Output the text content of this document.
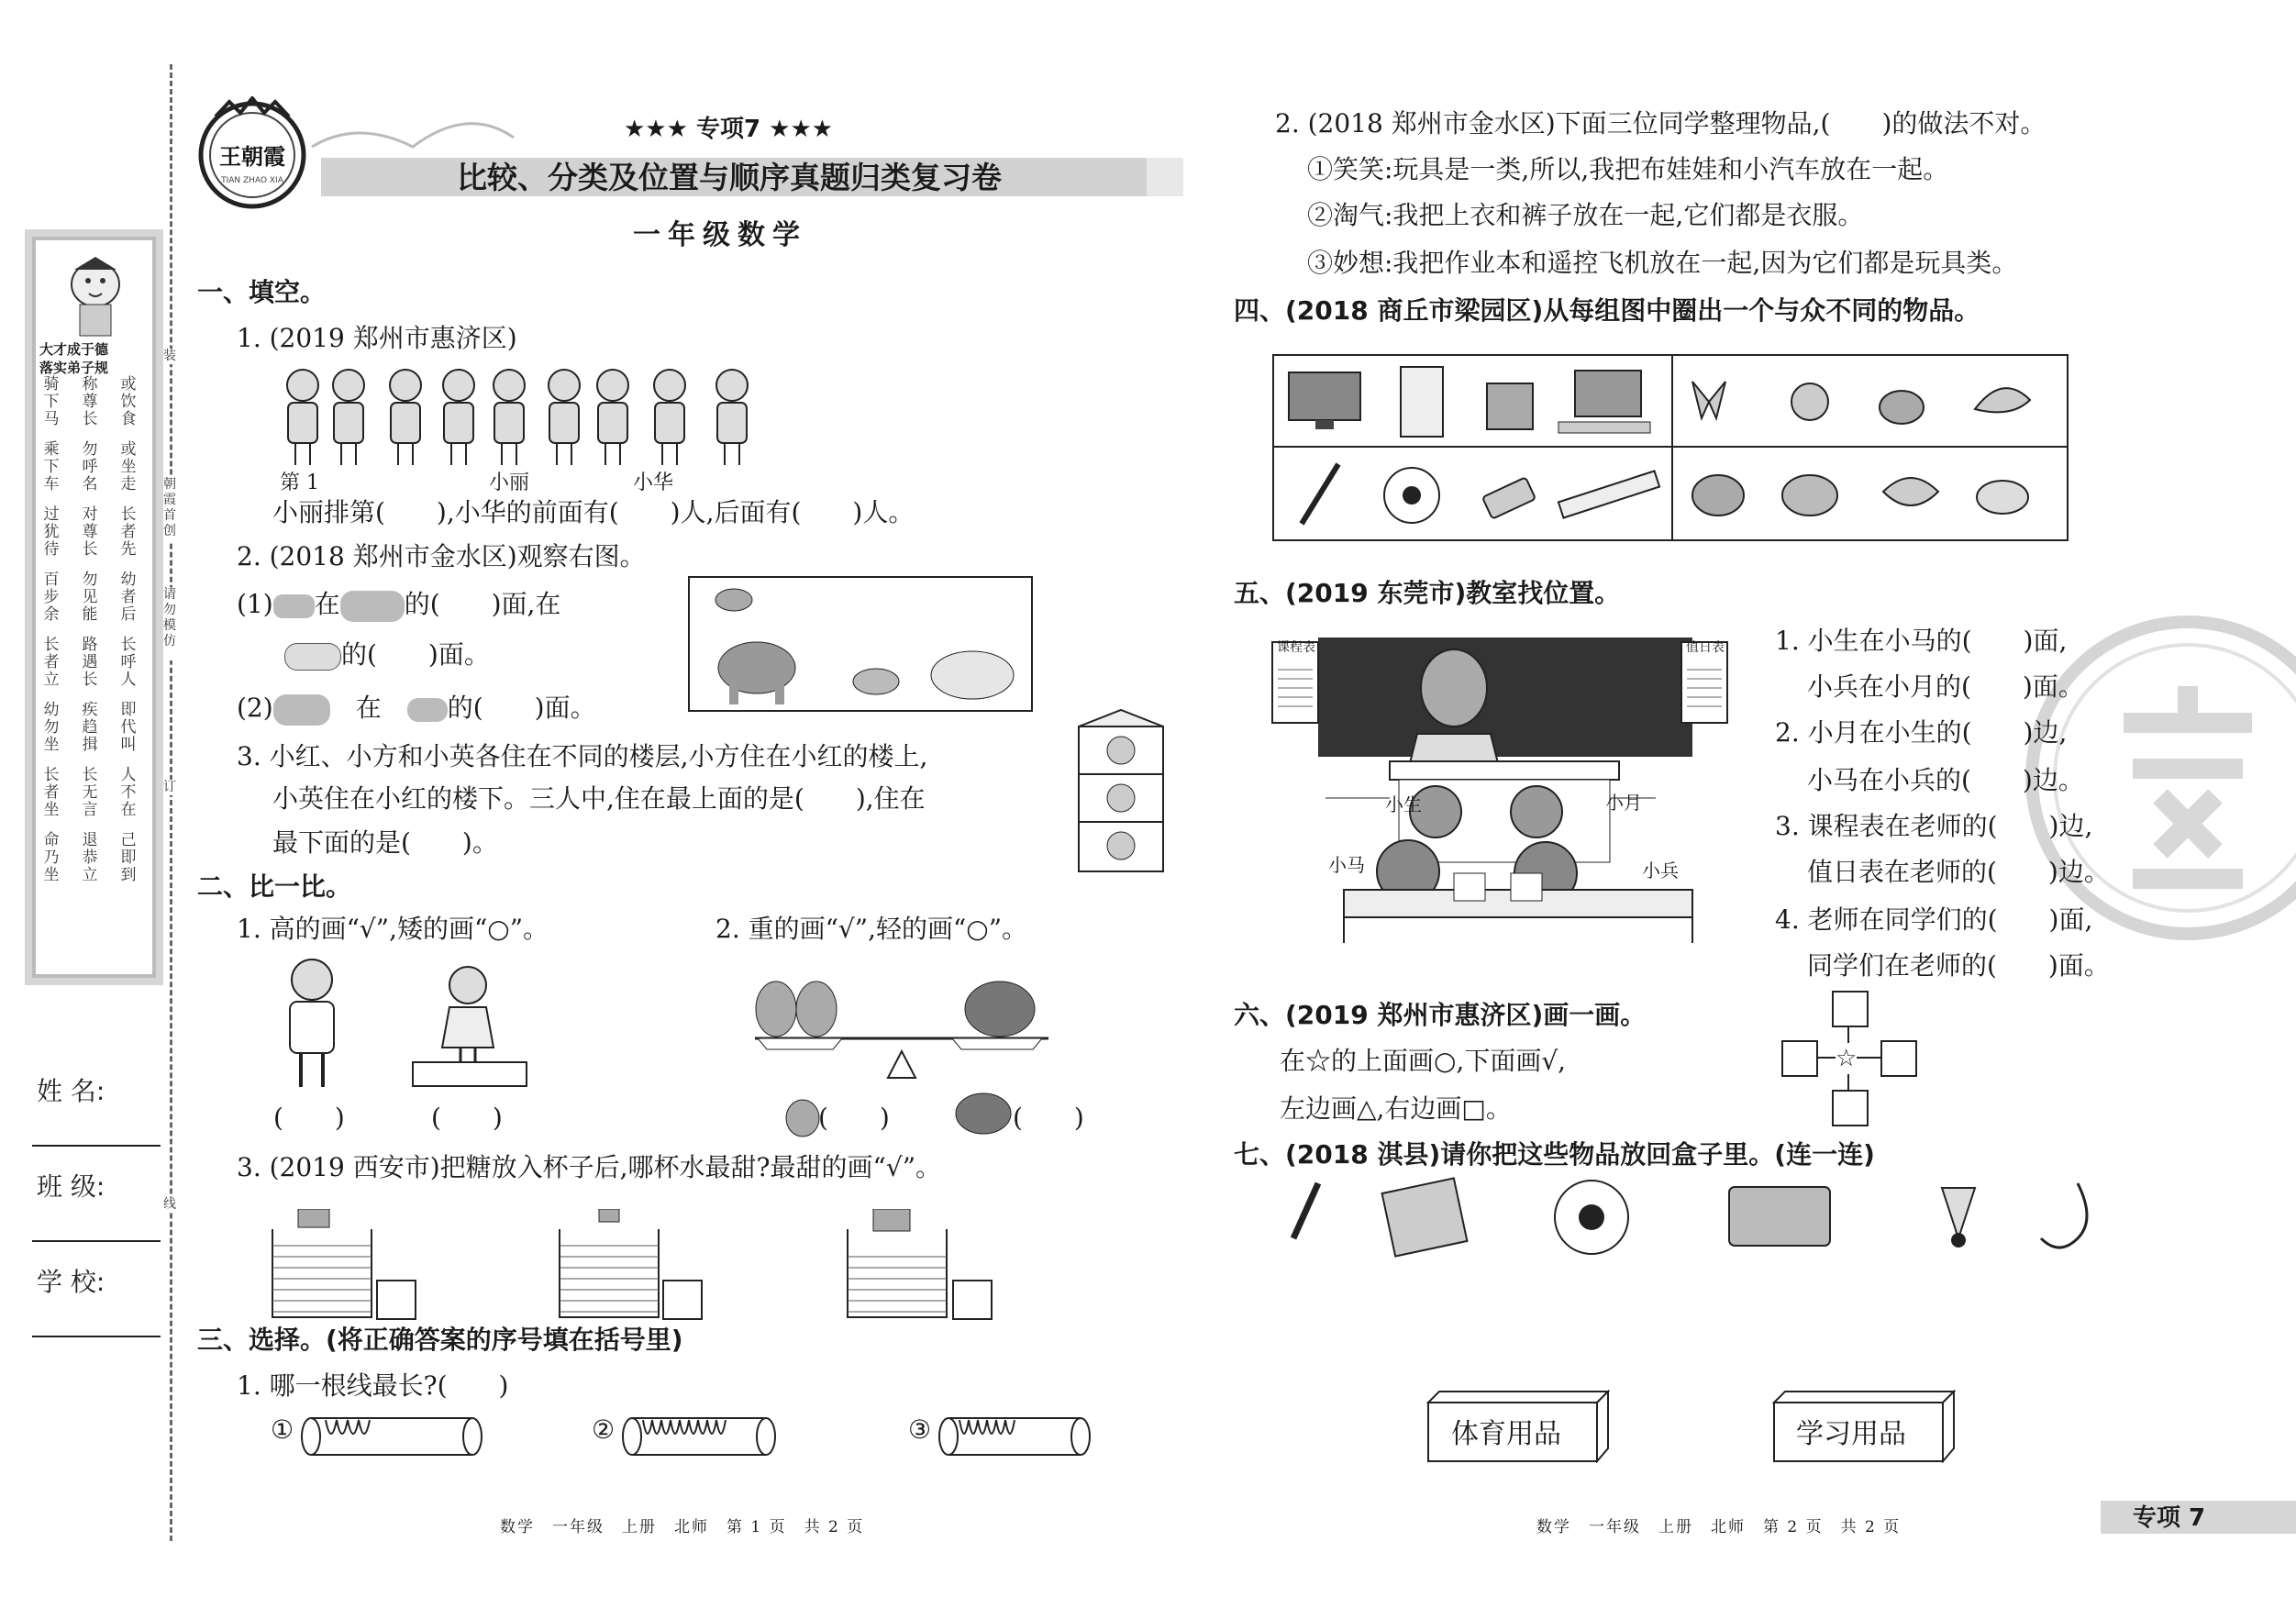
装
朝霞首创
请勿模仿
订
线
大才成于德
落实弟子规
骑下马
乘下车
过犹待
百步余
长者立
幼勿坐
长者坐
命乃坐
称尊长
勿呼名
对尊长
勿见能
路遇长
疾趋揖
长无言
退恭立
或饮食
或坐走
长者先
幼者后
长呼人
即代叫
人不在
己即到
姓 名:
班 级:
学 校:
王朝霞
TIAN ZHAO XIA
★★★ 专项7 ★★★
比较、分类及位置与顺序真题归类复习卷
一年级数学
一、填空。
1. (2019 郑州市惠济区)
第 1	小丽	小华
小丽排第(　　),小华的前面有(　　)人,后面有(　　)人。
2. (2018 郑州市金水区)观察右图。
(1) 在	的(　　)面,在
的(　　)面。
(2)　	在　	的(　　)面。
3. 小红、小方和小英各住在不同的楼层,小方住在小红的楼上,
小英住在小红的楼下。三人中,住在最上面的是(　　),住在
最下面的是(　　)。
二、比一比。
1. 高的画“√”,矮的画“○”。	2. 重的画“√”,轻的画“○”。
(　　)	(　　)	(　　)	(　　)
3. (2019 西安市)把糖放入杯子后,哪杯水最甜?最甜的画“√”。
三、选择。(将正确答案的序号填在括号里)
1. 哪一根线最长?(　　)
①	②	③
数学　一年级　上册　北师　第 1 页　共 2 页
2. (2018 郑州市金水区)下面三位同学整理物品,(　　)的做法不对。
①笑笑:玩具是一类,所以,我把布娃娃和小汽车放在一起。
②淘气:我把上衣和裤子放在一起,它们都是衣服。
③妙想:我把作业本和遥控飞机放在一起,因为它们都是玩具类。
四、(2018 商丘市梁园区)从每组图中圈出一个与众不同的物品。
五、(2019 东莞市)教室找位置。
课程表	值日表
小生	小月
小马	小兵
1. 小生在小马的(　　)面,
小兵在小月的(　　)面。
2. 小月在小生的(　　)边,
小马在小兵的(　　)边。
3. 课程表在老师的(　　)边,
值日表在老师的(　　)边。
4. 老师在同学们的(　　)面,
同学们在老师的(　　)面。
六、(2019 郑州市惠济区)画一画。
在☆的上面画○,下面画√,
左边画△,右边画□。
☆
七、(2018 淇县)请你把这些物品放回盒子里。(连一连)
体育用品	学习用品
数学　一年级　上册　北师　第 2 页　共 2 页	专项 7
